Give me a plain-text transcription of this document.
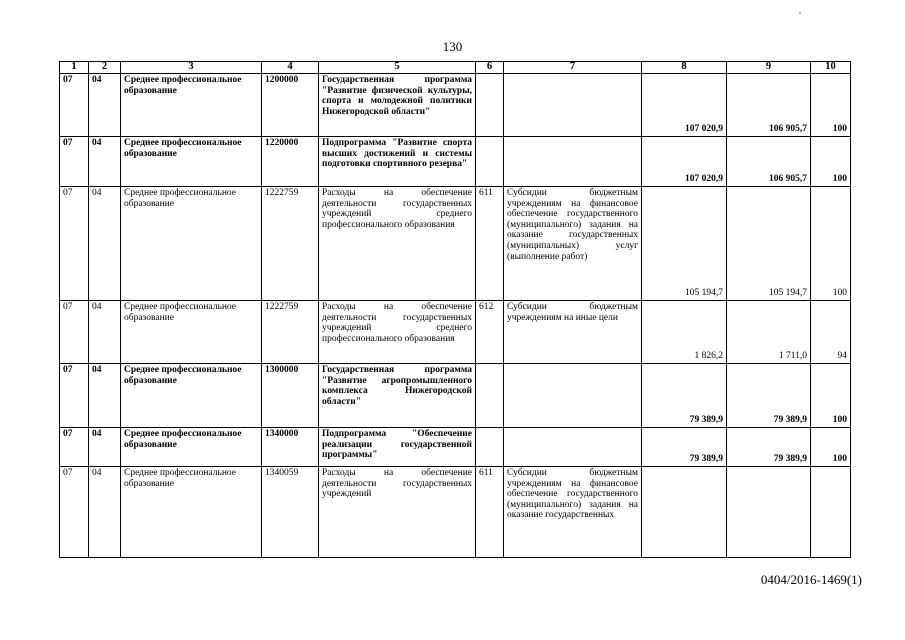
130
1	2	3	4	5	6	7	8	9	10
07	04	Среднее профессиональное образование	1200000	Государственная программа "Развитие физической культуры, спорта и молодежной политики Нижегородской области"			107 020,9	106 905,7	100
07	04	Среднее профессиональное образование	1220000	Подпрограмма "Развитие спорта высших достижений и системы подготовки спортивного резерва"			107 020,9	106 905,7	100
07	04	Среднее профессиональное образование	1222759	Расходы на обеспечение деятельности государственных учреждений среднего профессионального образования	611	Субсидии бюджетным учреждениям на финансовое обеспечение государственного (муниципального) задания на оказание государственных (муниципальных) услуг (выполнение работ)	105 194,7	105 194,7	100
07	04	Среднее профессиональное образование	1222759	Расходы на обеспечение деятельности государственных учреждений среднего профессионального образования	612	Субсидии бюджетным учреждениям на иные цели	1 826,2	1 711,0	94
07	04	Среднее профессиональное образование	1300000	Государственная программа "Развитие агропромышленного комплекса Нижегородской области"			79 389,9	79 389,9	100
07	04	Среднее профессиональное образование	1340000	Подпрограмма "Обеспечение реализации государственной программы"			79 389,9	79 389,9	100
07	04	Среднее профессиональное образование	1340059	Расходы на обеспечение деятельности государственных учреждений	611	Субсидии бюджетным учреждениям на финансовое обеспечение государственного (муниципального) задания на оказание государственных			
0404/2016-1469(1)
